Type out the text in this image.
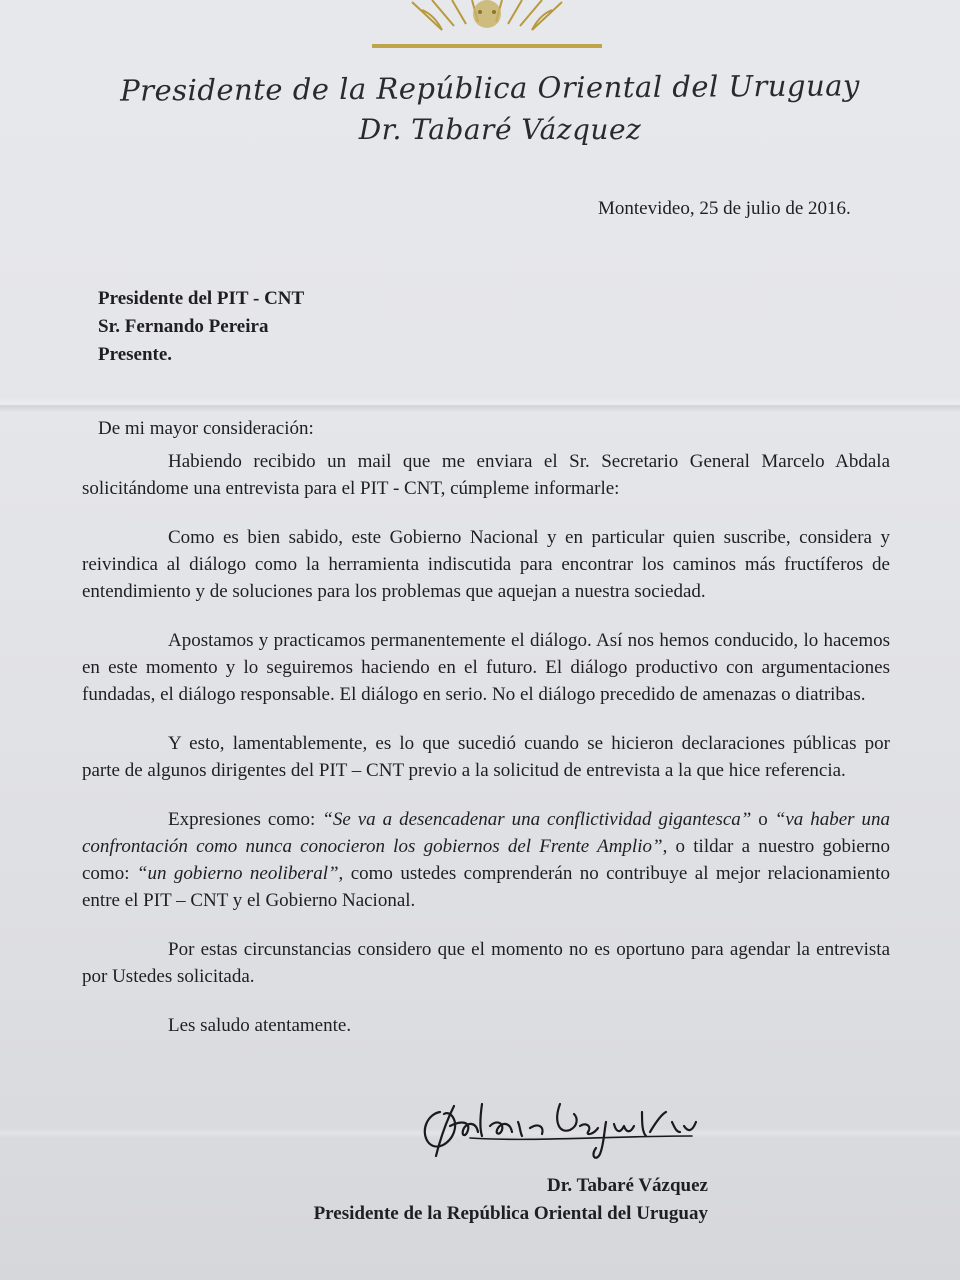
Presidente de la República Oriental del Uruguay
Dr. Tabaré Vázquez
Montevideo, 25 de julio de 2016.
Presidente del PIT - CNT
Sr. Fernando Pereira
Presente.
De mi mayor consideración:

Habiendo recibido un mail que me enviara el Sr. Secretario General Marcelo Abdala solicitándome una entrevista para el PIT - CNT, cúmpleme informarle:

Como es bien sabido, este Gobierno Nacional y en particular quien suscribe, considera y reivindica al diálogo como la herramienta indiscutida para encontrar los caminos más fructíferos de entendimiento y de soluciones para los problemas que aquejan a nuestra sociedad.

Apostamos y practicamos permanentemente el diálogo. Así nos hemos conducido, lo hacemos en este momento y lo seguiremos haciendo en el futuro. El diálogo productivo con argumentaciones fundadas, el diálogo responsable. El diálogo en serio. No el diálogo precedido de amenazas o diatribas.

Y esto, lamentablemente, es lo que sucedió cuando se hicieron declaraciones públicas por parte de algunos dirigentes del PIT – CNT previo a la solicitud de entrevista a la que hice referencia.

Expresiones como: “Se va a desencadenar una conflictividad gigantesca” o “va haber una confrontación como nunca conocieron los gobiernos del Frente Amplio”, o tildar a nuestro gobierno como: “un gobierno neoliberal”, como ustedes comprenderán no contribuye al mejor relacionamiento entre el PIT – CNT y el Gobierno Nacional.

Por estas circunstancias considero que el momento no es oportuno para agendar la entrevista por Ustedes solicitada.

Les saludo atentamente.

Dr. Tabaré Vázquez
Presidente de la República Oriental del Uruguay
